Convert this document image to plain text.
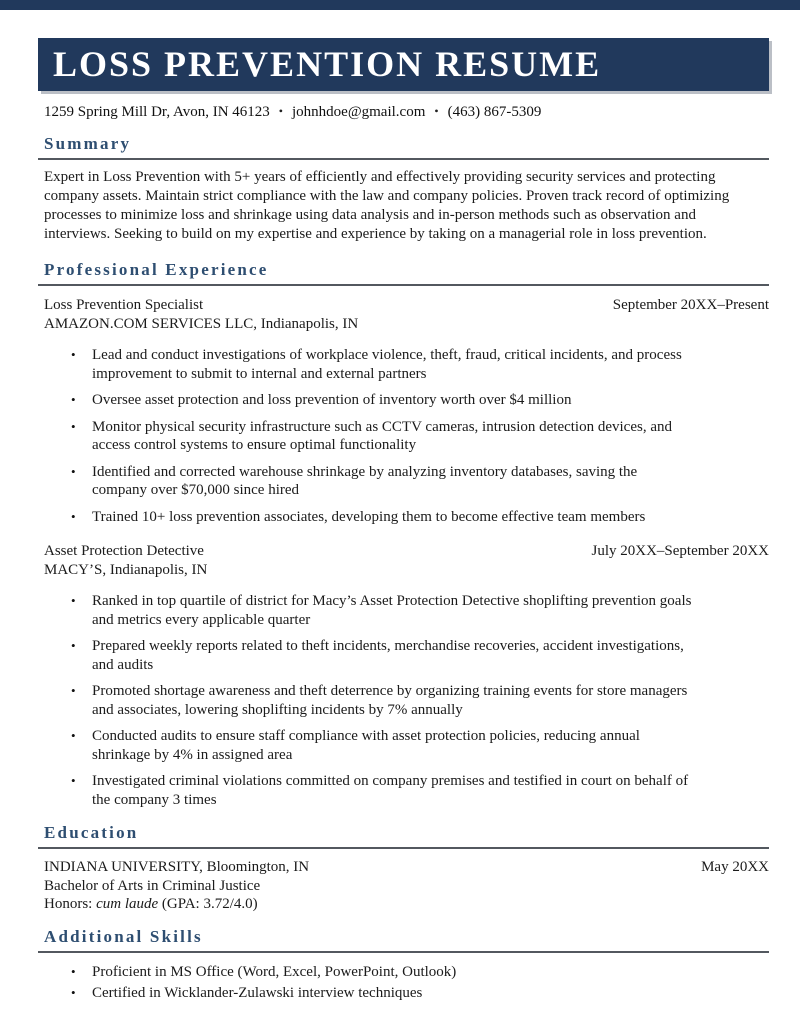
LOSS PREVENTION RESUME
1259 Spring Mill Dr, Avon, IN 46123 • johnhdoe@gmail.com • (463) 867-5309
Summary

Expert in Loss Prevention with 5+ years of efficiently and effectively providing security services and protecting company assets. Maintain strict compliance with the law and company policies. Proven track record of optimizing processes to minimize loss and shrinkage using data analysis and in-person methods such as observation and interviews. Seeking to build on my expertise and experience by taking on a managerial role in loss prevention.

Professional Experience
Loss Prevention Specialist	September 20XX–Present
AMAZON.COM SERVICES LLC, Indianapolis, IN
• Lead and conduct investigations of workplace violence, theft, fraud, critical incidents, and process improvement to submit to internal and external partners
• Oversee asset protection and loss prevention of inventory worth over $4 million
• Monitor physical security infrastructure such as CCTV cameras, intrusion detection devices, and access control systems to ensure optimal functionality
• Identified and corrected warehouse shrinkage by analyzing inventory databases, saving the company over $70,000 since hired
• Trained 10+ loss prevention associates, developing them to become effective team members
Asset Protection Detective	July 20XX–September 20XX
MACY’S, Indianapolis, IN
• Ranked in top quartile of district for Macy’s Asset Protection Detective shoplifting prevention goals and metrics every applicable quarter
• Prepared weekly reports related to theft incidents, merchandise recoveries, accident investigations, and audits
• Promoted shortage awareness and theft deterrence by organizing training events for store managers and associates, lowering shoplifting incidents by 7% annually
• Conducted audits to ensure staff compliance with asset protection policies, reducing annual shrinkage by 4% in assigned area
• Investigated criminal violations committed on company premises and testified in court on behalf of the company 3 times
Education
INDIANA UNIVERSITY, Bloomington, IN	May 20XX
Bachelor of Arts in Criminal Justice
Honors: cum laude (GPA: 3.72/4.0)
Additional Skills
• Proficient in MS Office (Word, Excel, PowerPoint, Outlook)
• Certified in Wicklander-Zulawski interview techniques
